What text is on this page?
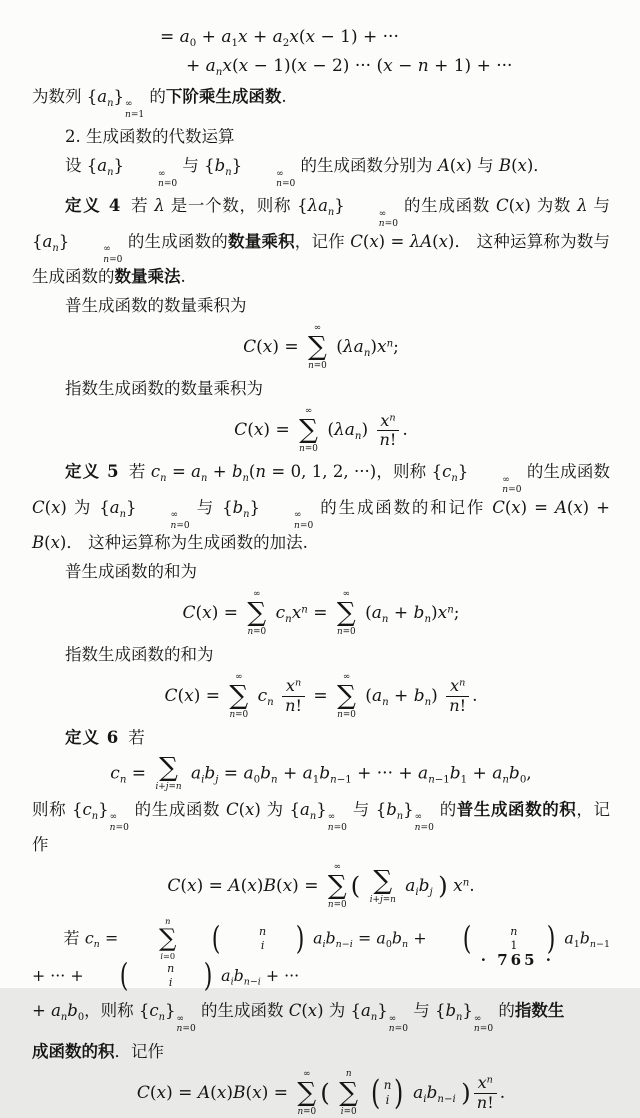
= $a_0 + a_1x + a_2x(x - 1)$ + ···
+ $a_nx(x - 1)(x - 2)$ ··· (x − n + 1) + ···

为数列 $\{a_n\}$ ∞
n=1
的下阶乘生成函数.

2. 生成函数的代数运算

设 $\{a_n\}$	∞
n=0
与 $\{b_n\}$	∞
n=0
的生成函数分别为 A(x) 与 B(x)．

定义 4 若 λ 是一个数，则称 $\{\lambda a_n\}$	∞
n=0
的生成函数 C(x) 为数 λ 与 $\{a_n\}$	∞
n=0
的生成函数的数量乘积，记作 C(x) = λA(x)． 这种运算称为数与生成函数的数量乘法.

普生成函数的数量乘积为

C(x) =
∞
∑
n=0
$(\lambda a_n)x^n$;

指数生成函数的数量乘积为

C(x) =
∞
∑
n=0
$(\lambda a_n) \frac{x^n}{n!}$ .

定义 5 若 $c_n = a_n + b_n(n = 0$, 1, 2, ···)，则称 $\{c_n\}$	∞
n=0
的生成函数 C(x) 为 $\{a_n\}$	∞
n=0
与 $\{b_n\}$	∞
n=0
的生成函数的和记作 C(x) = A(x) + B(x)． 这种运算称为生成函数的加法.

普生成函数的和为

C(x) =
∞
∑
n=0
$c_nx^n$ =
∞
∑
n=0
$(a_n + b_n)x^n$;

指数生成函数的和为

C(x) =
∞
∑
n=0
$c_n \frac{x^n}{n!}$ =
∞
∑
n=0
$(a_n + b_n) \frac{x^n}{n!}$ .

定义 6 若

$c_n$ = ∑
i+j=n
$a_ib_j = a_0b_n + a_1b_{n-1}$ + ··· + $a_{n-1}b_1 + a_nb_0$,

则称 $\{c_n\}$ ∞
n=0
的生成函数 C(x) 为 $\{a_n\}$ ∞
n=0
与 $\{b_n\}$ ∞
n=0
的普生成函数的积，记作

C(x) = A(x)B(x) =
∞
∑
n=0
( ∑
i+j=n
$a_ib_j$ ) $x^n$.

若 $c_n$ =
n
∑
i=0	(	n
i ) $a_ib_{n-i} = a_0b_n$ + (	n
1 ) $a_1b_{n-1}$ + ··· + (	n
i ) $a_ib_{n-i}$ + ···

+ $a_nb_0$，则称 $\{c_n\}$ ∞
n=0
的生成函数 C(x) 为 $\{a_n\}$ ∞
n=0
与 $\{b_n\}$ ∞
n=0
的指数生

成函数的积．记作

C(x) = A(x)B(x) =
∞
∑
n=0
(
n
∑
i=0
( n
i ) $a_ib_{n-i}$ ) $\frac{x^n}{n!}$ .
· 765 ·
